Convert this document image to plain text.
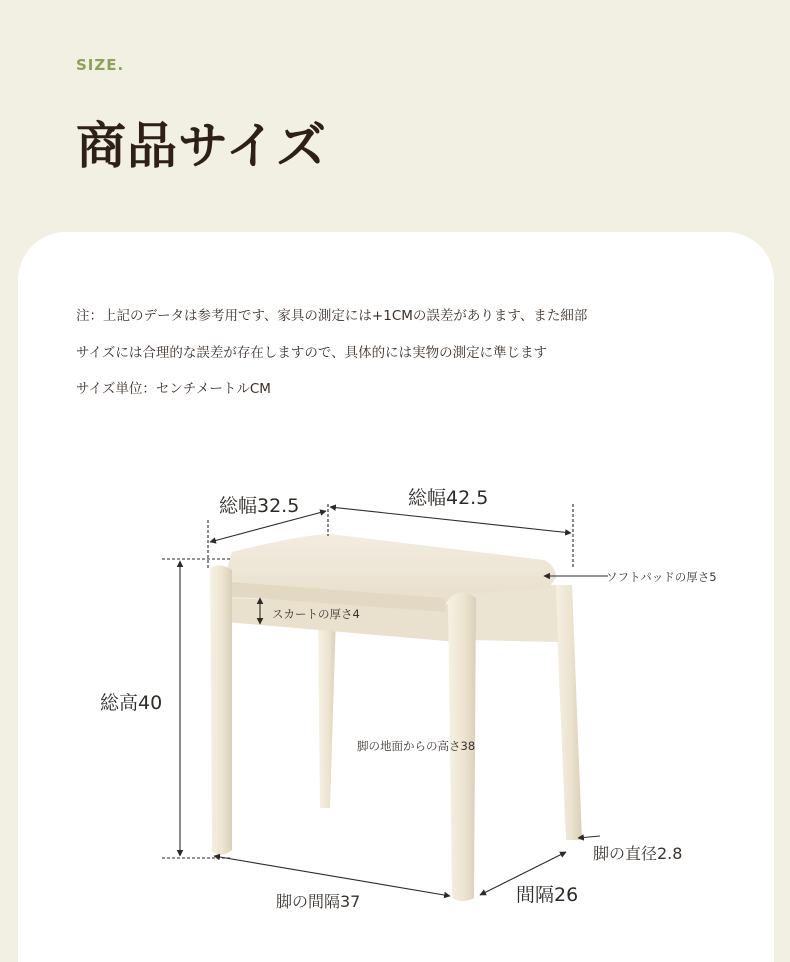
SIZE.
商品サイズ
注：上記のデータは参考用です、家具の測定には+1CMの誤差があります、また細部
サイズには合理的な誤差が存在しますので、具体的には実物の測定に準じます
サイズ単位：センチメートルCM
総幅32.5	総幅42.5
ソフトパッドの厚さ5
スカートの厚さ4
総高40
脚の地面からの高さ38
脚の直径2.8
脚の間隔37	間隔26
